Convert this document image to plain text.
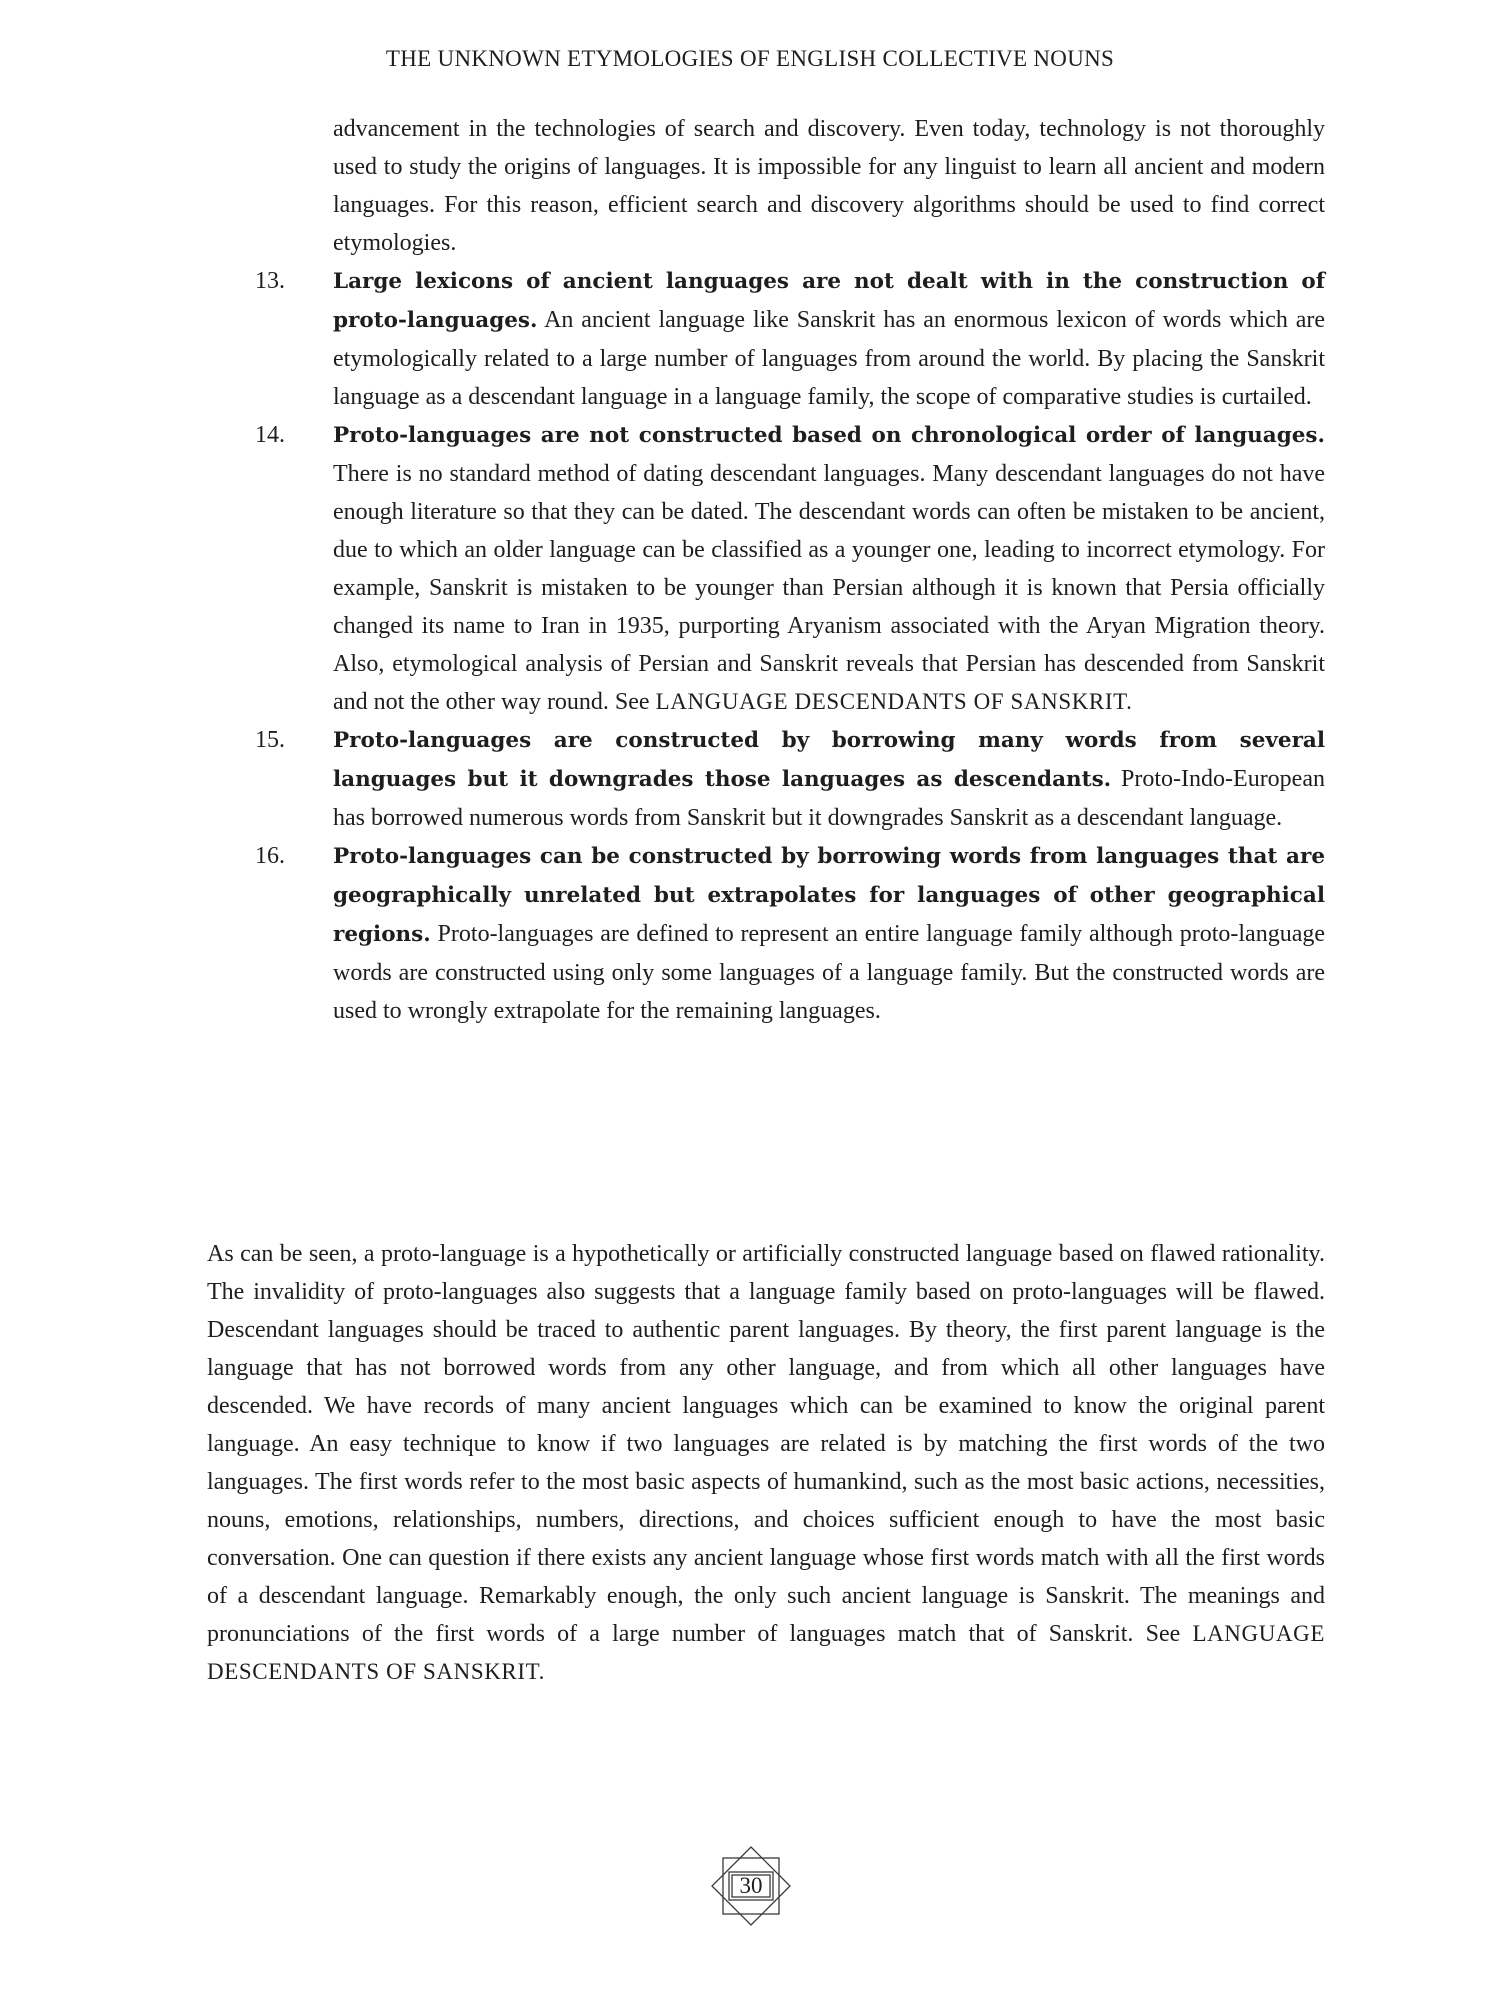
THE UNKNOWN ETYMOLOGIES OF ENGLISH COLLECTIVE NOUNS

advancement in the technologies of search and discovery. Even today, technology is not thoroughly used to study the origins of languages. It is impossible for any linguist to learn all ancient and modern languages. For this reason, efficient search and discovery algorithms should be used to find correct etymologies.

13.	Large lexicons of ancient languages are not dealt with in the construction of proto-languages. An ancient language like Sanskrit has an enormous lexicon of words which are etymologically related to a large number of languages from around the world. By placing the Sanskrit language as a descendant language in a language family, the scope of comparative studies is curtailed.
14.	Proto-languages are not constructed based on chronological order of languages. There is no standard method of dating descendant languages. Many descendant languages do not have enough literature so that they can be dated. The descendant words can often be mistaken to be ancient, due to which an older language can be classified as a younger one, leading to incorrect etymology. For example, Sanskrit is mistaken to be younger than Persian although it is known that Persia officially changed its name to Iran in 1935, purporting Aryanism associated with the Aryan Migration theory. Also, etymological analysis of Persian and Sanskrit reveals that Persian has descended from Sanskrit and not the other way round. See LANGUAGE DESCENDANTS OF SANSKRIT.
15.	Proto-languages are constructed by borrowing many words from several languages but it downgrades those languages as descendants. Proto-Indo-European has borrowed numerous words from Sanskrit but it downgrades Sanskrit as a descendant language.
16.	Proto-languages can be constructed by borrowing words from languages that are geographically unrelated but extrapolates for languages of other geographical regions. Proto-languages are defined to represent an entire language family although proto-language words are constructed using only some languages of a language family. But the constructed words are used to wrongly extrapolate for the remaining languages.

As can be seen, a proto-language is a hypothetically or artificially constructed language based on flawed rationality. The invalidity of proto-languages also suggests that a language family based on proto-languages will be flawed. Descendant languages should be traced to authentic parent languages. By theory, the first parent language is the language that has not borrowed words from any other language, and from which all other languages have descended. We have records of many ancient languages which can be examined to know the original parent language. An easy technique to know if two languages are related is by matching the first words of the two languages. The first words refer to the most basic aspects of humankind, such as the most basic actions, necessities, nouns, emotions, relationships, numbers, directions, and choices sufficient enough to have the most basic conversation. One can question if there exists any ancient language whose first words match with all the first words of a descendant language. Remarkably enough, the only such ancient language is Sanskrit. The meanings and pronunciations of the first words of a large number of languages match that of Sanskrit. See LANGUAGE DESCENDANTS OF SANSKRIT.

30
